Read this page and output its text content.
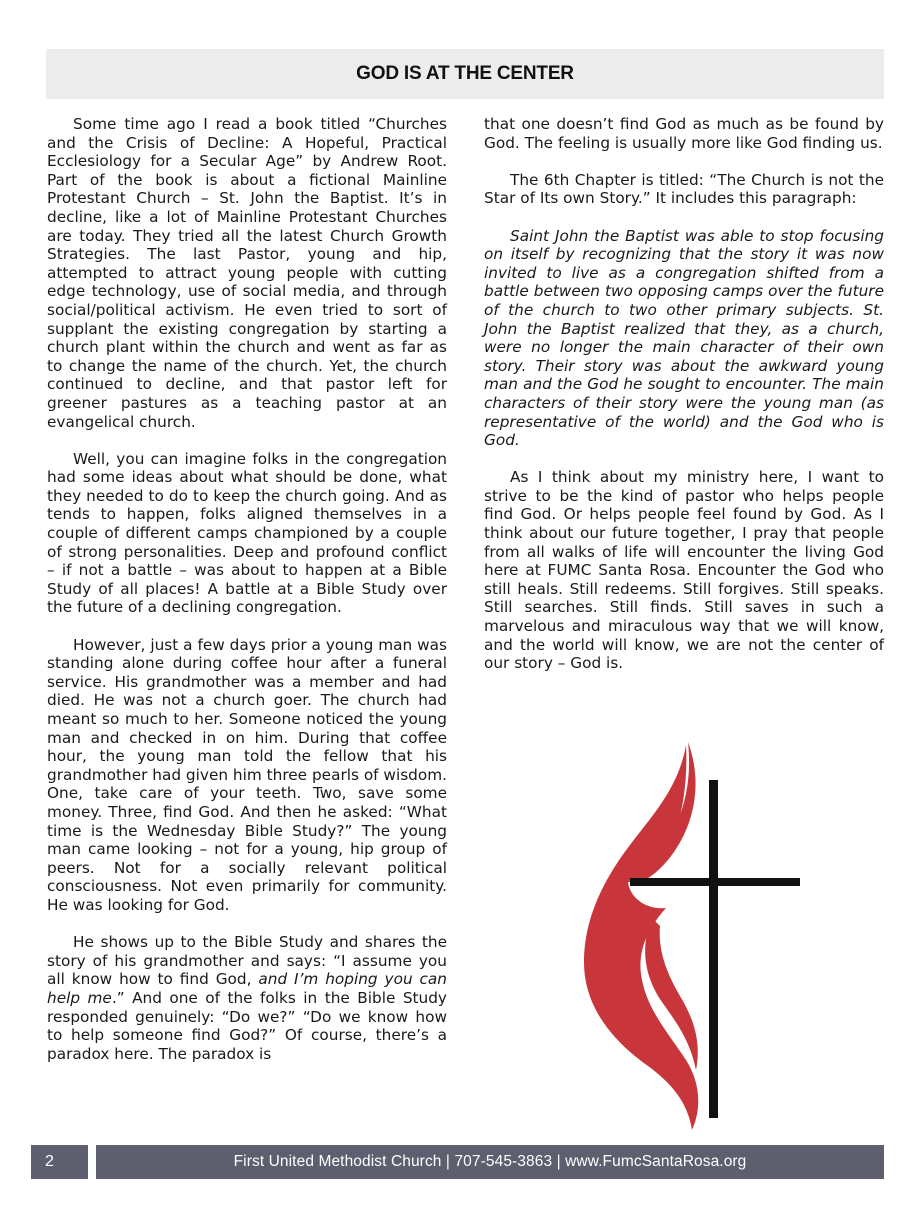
GOD IS AT THE CENTER

Some time ago I read a book titled “Churches and the Crisis of Decline: A Hopeful, Practical Ecclesiology for a Secular Age” by Andrew Root. Part of the book is about a fictional Mainline Protestant Church – St. John the Baptist. It’s in decline, like a lot of Mainline Protestant Churches are today. They tried all the latest Church Growth Strategies. The last Pastor, young and hip, attempted to attract young people with cutting edge technology, use of social media, and through social/political activism. He even tried to sort of supplant the existing congregation by starting a church plant within the church and went as far as to change the name of the church. Yet, the church continued to decline, and that pastor left for greener pastures as a teaching pastor at an evangelical church.

Well, you can imagine folks in the congregation had some ideas about what should be done, what they needed to do to keep the church going. And as tends to happen, folks aligned themselves in a couple of different camps championed by a couple of strong personalities. Deep and profound conflict – if not a battle – was about to happen at a Bible Study of all places! A battle at a Bible Study over the future of a declining congregation.

However, just a few days prior a young man was standing alone during coffee hour after a funeral service. His grandmother was a member and had died. He was not a church goer. The church had meant so much to her. Someone noticed the young man and checked in on him. During that coffee hour, the young man told the fellow that his grandmother had given him three pearls of wisdom. One, take care of your teeth. Two, save some money. Three, find God. And then he asked: “What time is the Wednesday Bible Study?” The young man came looking – not for a young, hip group of peers. Not for a socially relevant political consciousness. Not even primarily for community. He was looking for God.

He shows up to the Bible Study and shares the story of his grandmother and says: “I assume you all know how to find God, and I’m hoping you can help me.” And one of the folks in the Bible Study responded genuinely: “Do we?” “Do we know how to help someone find God?” Of course, there’s a paradox here. The paradox is

that one doesn’t find God as much as be found by God. The feeling is usually more like God finding us.

The 6th Chapter is titled: “The Church is not the Star of Its own Story.” It includes this paragraph:

Saint John the Baptist was able to stop focusing on itself by recognizing that the story it was now invited to live as a congregation shifted from a battle between two opposing camps over the future of the church to two other primary subjects. St. John the Baptist realized that they, as a church, were no longer the main character of their own story. Their story was about the awkward young man and the God he sought to encounter. The main characters of their story were the young man (as representative of the world) and the God who is God.

As I think about my ministry here, I want to strive to be the kind of pastor who helps people find God. Or helps people feel found by God. As I think about our future together, I pray that people from all walks of life will encounter the living God here at FUMC Santa Rosa. Encounter the God who still heals. Still redeems. Still forgives. Still speaks. Still searches. Still finds. Still saves in such a marvelous and miraculous way that we will know, and the world will know, we are not the center of our story – God is.

2	First United Methodist Church | 707-545-3863 | www.FumcSantaRosa.org
